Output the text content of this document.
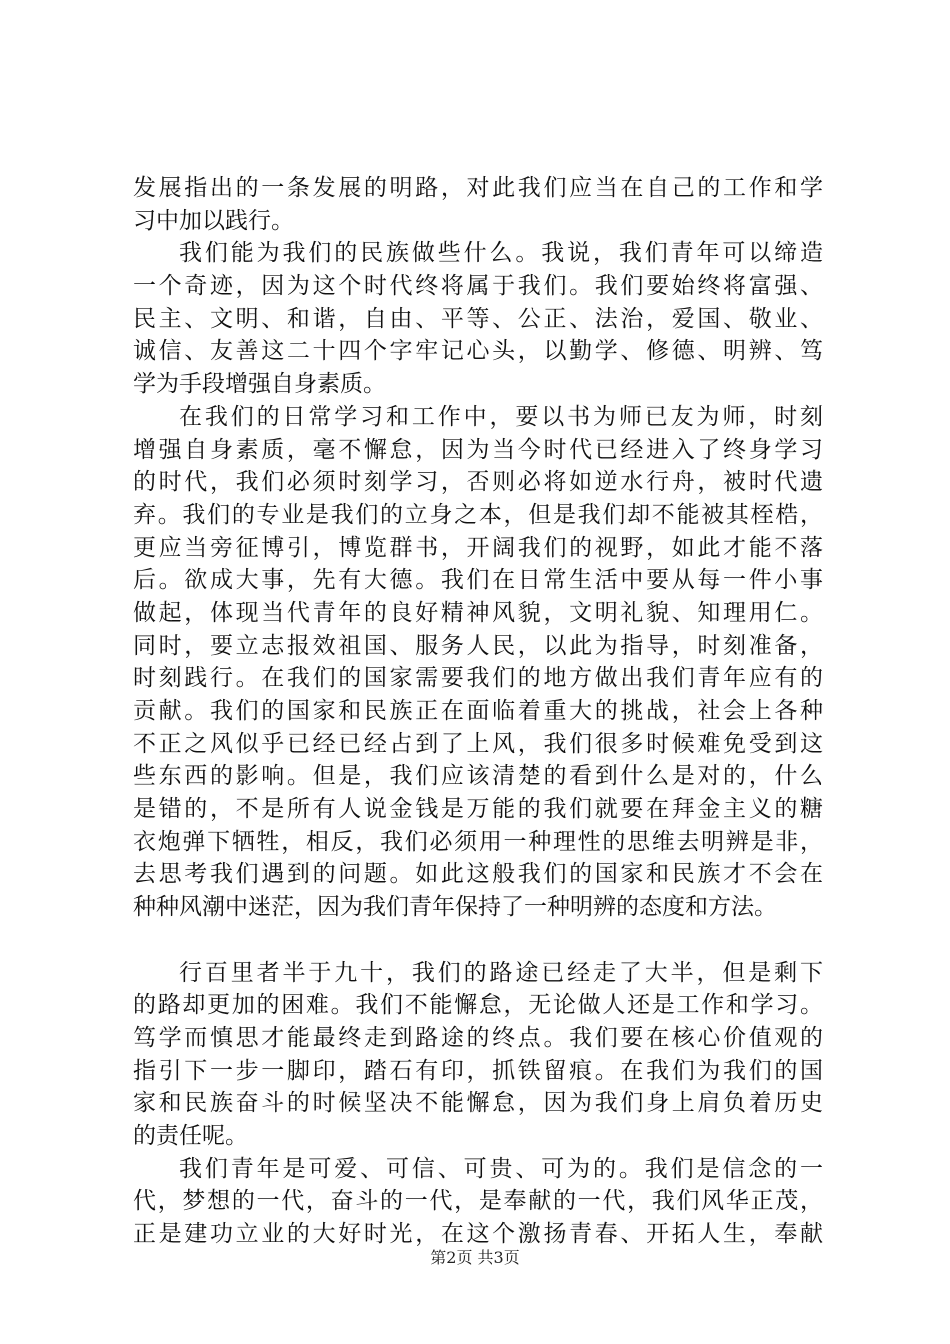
发展指出的一条发展的明路，对此我们应当在自己的工作和学
习中加以践行。
我们能为我们的民族做些什么。我说，我们青年可以缔造
一个奇迹，因为这个时代终将属于我们。我们要始终将富强、
民主、文明、和谐，自由、平等、公正、法治，爱国、敬业、
诚信、友善这二十四个字牢记心头，以勤学、修德、明辨、笃
学为手段增强自身素质。
在我们的日常学习和工作中，要以书为师已友为师，时刻
增强自身素质，毫不懈怠，因为当今时代已经进入了终身学习
的时代，我们必须时刻学习，否则必将如逆水行舟，被时代遗
弃。我们的专业是我们的立身之本，但是我们却不能被其桎梏，
更应当旁征博引，博览群书，开阔我们的视野，如此才能不落
后。欲成大事，先有大德。我们在日常生活中要从每一件小事
做起，体现当代青年的良好精神风貌，文明礼貌、知理用仁。
同时，要立志报效祖国、服务人民，以此为指导，时刻准备，
时刻践行。在我们的国家需要我们的地方做出我们青年应有的
贡献。我们的国家和民族正在面临着重大的挑战，社会上各种
不正之风似乎已经已经占到了上风，我们很多时候难免受到这
些东西的影响。但是，我们应该清楚的看到什么是对的，什么
是错的，不是所有人说金钱是万能的我们就要在拜金主义的糖
衣炮弹下牺牲，相反，我们必须用一种理性的思维去明辨是非，
去思考我们遇到的问题。如此这般我们的国家和民族才不会在
种种风潮中迷茫，因为我们青年保持了一种明辨的态度和方法。
行百里者半于九十，我们的路途已经走了大半，但是剩下
的路却更加的困难。我们不能懈怠，无论做人还是工作和学习。
笃学而慎思才能最终走到路途的终点。我们要在核心价值观的
指引下一步一脚印，踏石有印，抓铁留痕。在我们为我们的国
家和民族奋斗的时候坚决不能懈怠，因为我们身上肩负着历史
的责任呢。
我们青年是可爱、可信、可贵、可为的。我们是信念的一
代，梦想的一代，奋斗的一代，是奉献的一代，我们风华正茂，
正是建功立业的大好时光，在这个激扬青春、开拓人生，奉献
第2页 共3页
